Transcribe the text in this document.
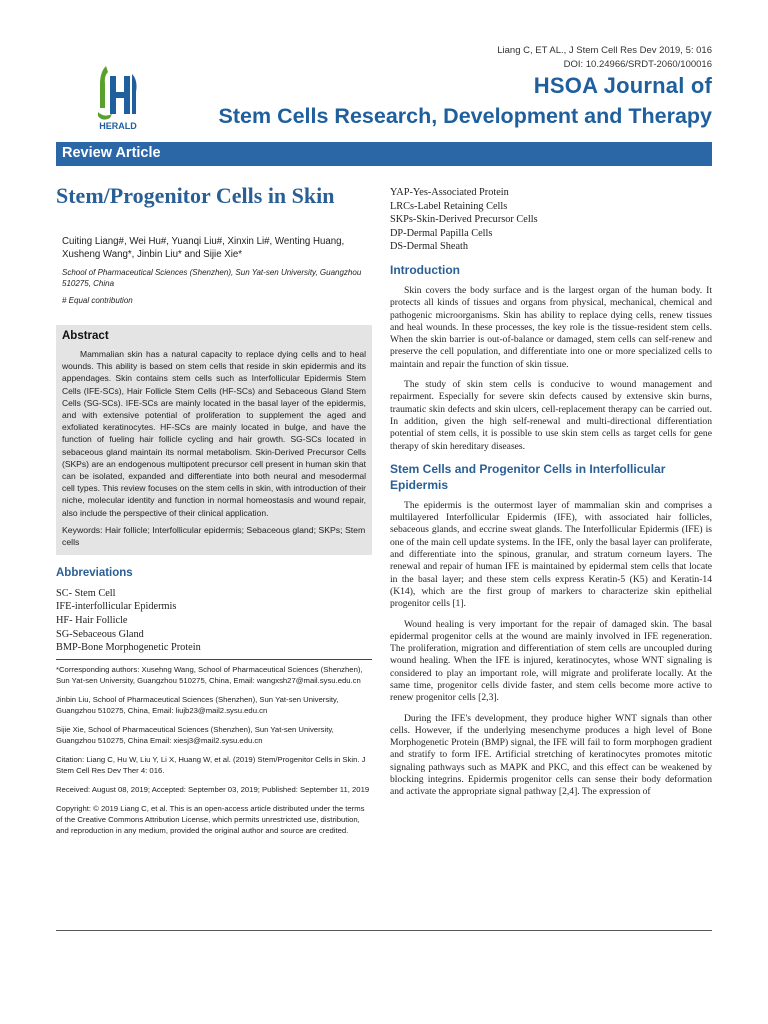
Liang C, ET AL., J Stem Cell Res Dev 2019, 5: 016
DOI: 10.24966/SRDT-2060/100016
HERALD
HSOA Journal of
Stem Cells Research, Development and Therapy
Review Article
Stem/Progenitor Cells in Skin

Cuiting Liang#, Wei Hu#, Yuanqi Liu#, Xinxin Li#, Wenting Huang, Xusheng Wang*, Jinbin Liu* and Sijie Xie*

School of Pharmaceutical Sciences (Shenzhen), Sun Yat-sen University, Guangzhou 510275, China

# Equal contribution

Abstract

Mammalian skin has a natural capacity to replace dying cells and to heal wounds. This ability is based on stem cells that reside in skin epidermis and its appendages. Skin contains stem cells such as Interfollicular Epidermis Stem Cells (IFE-SCs), Hair Follicle Stem Cells (HF-SCs) and Sebaceous Gland Stem Cells (SG-SCs). IFE-SCs are mainly located in the basal layer of the epidermis, and with extensive potential of proliferation to supplement the aged and exfoliated keratinocytes. HF-SCs are mainly located in bulge, and have the function of fueling hair follicle cycling and hair growth. SG-SCs located in sebaceous gland maintain its normal metabolism. Skin-Derived Precursor Cells (SKPs) are an endogenous multipotent precursor cell present in human skin that can be isolated, expanded and differentiate into both neural and mesodermal cell types. This review focuses on the stem cells in skin, with introduction of their niche, molecular identity and function in normal homeostasis and wound repair, also include the perspective of their clinical application.

Keywords: Hair follicle; Interfollicular epidermis; Sebaceous gland; SKPs; Stem cells

Abbreviations
SC- Stem Cell
IFE-interfollicular Epidermis
HF- Hair Follicle
SG-Sebaceous Gland
BMP-Bone Morphogenetic Protein

*Corresponding authors: Xusehng Wang, School of Pharmaceutical Sciences (Shenzhen), Sun Yat-sen University, Guangzhou 510275, China, Email: wangxsh27@mail.sysu.edu.cn

Jinbin Liu, School of Pharmaceutical Sciences (Shenzhen), Sun Yat-sen University, Guangzhou 510275, China, Email: liujb23@mail2.sysu.edu.cn

Sijie Xie, School of Pharmaceutical Sciences (Shenzhen), Sun Yat-sen University, Guangzhou 510275, China Email: xiesj3@mail2.sysu.edu.cn

Citation: Liang C, Hu W, Liu Y, Li X, Huang W, et al. (2019) Stem/Progenitor Cells in Skin. J Stem Cell Res Dev Ther 4: 016.

Received: August 08, 2019; Accepted: September 03, 2019; Published: September 11, 2019

Copyright: © 2019 Liang C, et al. This is an open-access article distributed under the terms of the Creative Commons Attribution License, which permits unrestricted use, distribution, and reproduction in any medium, provided the original author and source are credited.

YAP-Yes-Associated Protein
LRCs-Label Retaining Cells
SKPs-Skin-Derived Precursor Cells
DP-Dermal Papilla Cells
DS-Dermal Sheath
Introduction

Skin covers the body surface and is the largest organ of the human body. It protects all kinds of tissues and organs from physical, mechanical, chemical and pathogenic microorganisms. Skin has ability to replace dying cells, renew tissues and heal wounds. In these processes, the key role is the tissue-resident stem cells. When the skin barrier is out-of-balance or damaged, stem cells can self-renew and preserve the cell population, and differentiate into one or more specialized cells to maintain and repair the function of skin tissue.

The study of skin stem cells is conducive to wound management and repairment. Especially for severe skin defects caused by extensive skin burns, traumatic skin defects and skin ulcers, cell-replacement therapy can be carried out. In addition, given the high self-renewal and multi-directional differentiation potential of stem cells, it is possible to use skin stem cells as target cells for gene therapy of skin hereditary diseases.

Stem Cells and Progenitor Cells in Interfollicular Epidermis

The epidermis is the outermost layer of mammalian skin and comprises a multilayered Interfollicular Epidermis (IFE), with associated hair follicles, sebaceous glands, and eccrine sweat glands. The Interfollicular Epidermis (IFE) is one of the main cell update systems. In the IFE, only the basal layer can proliferate, and differentiate into the spinous, granular, and stratum corneum layers. The renewal and repair of human IFE is maintained by epidermal stem cells that locate in the basal layer; and these stem cells express Keratin-5 (K5) and Keratin-14 (K14), which are the first group of markers to characterize skin epithelial progenitor cells [1].

Wound healing is very important for the repair of damaged skin. The basal epidermal progenitor cells at the wound are mainly involved in IFE regeneration. The proliferation, migration and differentiation of stem cells are uncoupled during wound healing. When the IFE is injured, keratinocytes, whose WNT signaling is considered to play an important role, will migrate and proliferate locally. At the same time, progenitor cells divide faster, and stem cells become more active to renew progenitor cells [2,3].

During the IFE's development, they produce higher WNT signals than other cells. However, if the underlying mesenchyme produces a high level of Bone Morphogenetic Protein (BMP) signal, the IFE will fail to form morphogen gradient and stratify to form IFE. Artificial stretching of keratinocytes promotes mitotic signaling pathways such as MAPK and PKC, and this effect can be weakened by blocking integrins. Epidermis progenitor cells can sense their body deformation and activate the appropriate signal pathway [2,4]. The expression of
